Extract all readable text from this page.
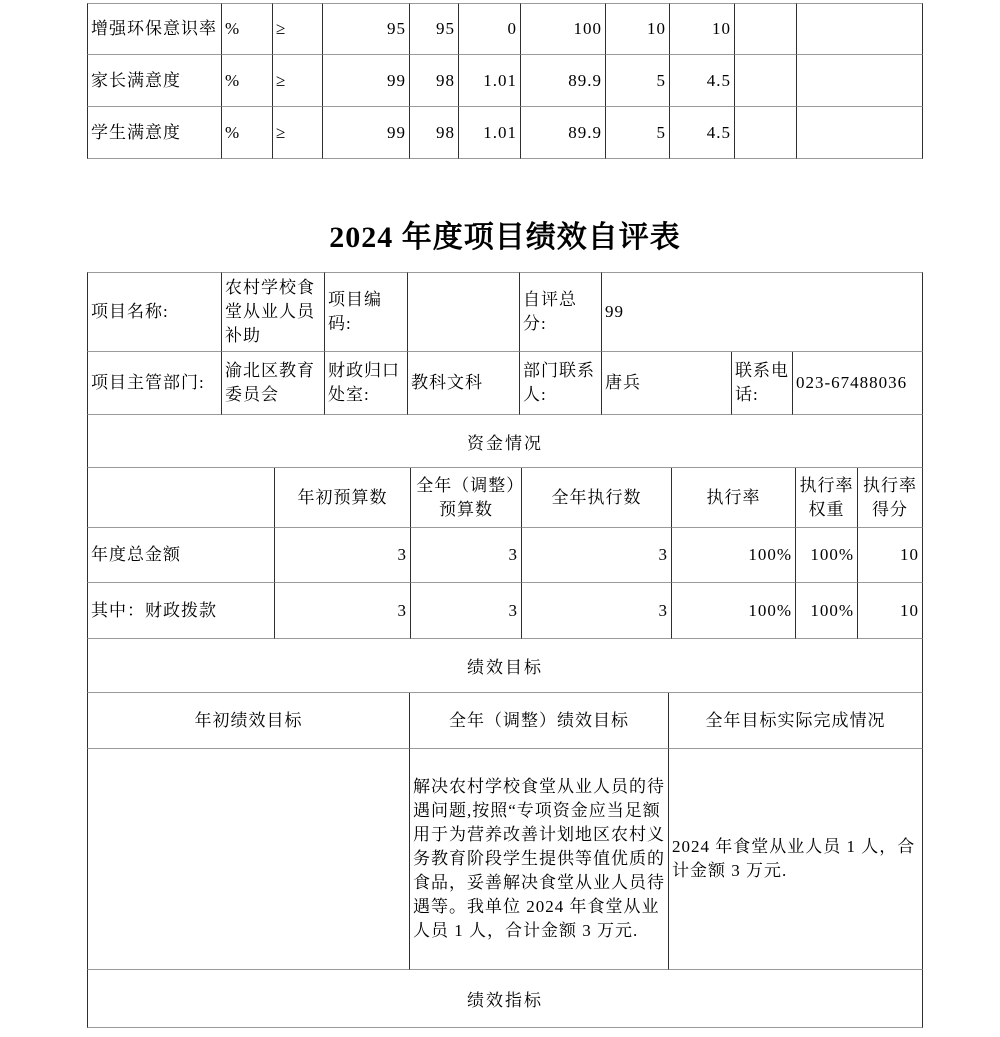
增强环保意识率	%	≥	95	95	0	100	10	10		
家长满意度	%	≥	99	98	1.01	89.9	5	4.5		
学生满意度	%	≥	99	98	1.01	89.9	5	4.5		
2024 年度项目绩效自评表
项目名称:	农村学校食堂从业人员补助	项目编码:		自评总分:	99		
项目主管部门:	渝北区教育委员会	财政归口处室:	教科文科	部门联系人:	唐兵	联系电话:	023-67488036
资金情况
	年初预算数	全年（调整）预算数	全年执行数	执行率	执行率权重	执行率得分
年度总金额	3	3	3	100%	100%	10
其中：财政拨款	3	3	3	100%	100%	10
绩效目标
年初绩效目标	全年（调整）绩效目标	全年目标实际完成情况
	解决农村学校食堂从业人员的待遇问题,按照“专项资金应当足额用于为营养改善计划地区农村义务教育阶段学生提供等值优质的食品，妥善解决食堂从业人员待遇等。我单位 2024 年食堂从业人员 1 人，合计金额 3 万元.	2024 年食堂从业人员 1 人，合计金额 3 万元.
绩效指标
